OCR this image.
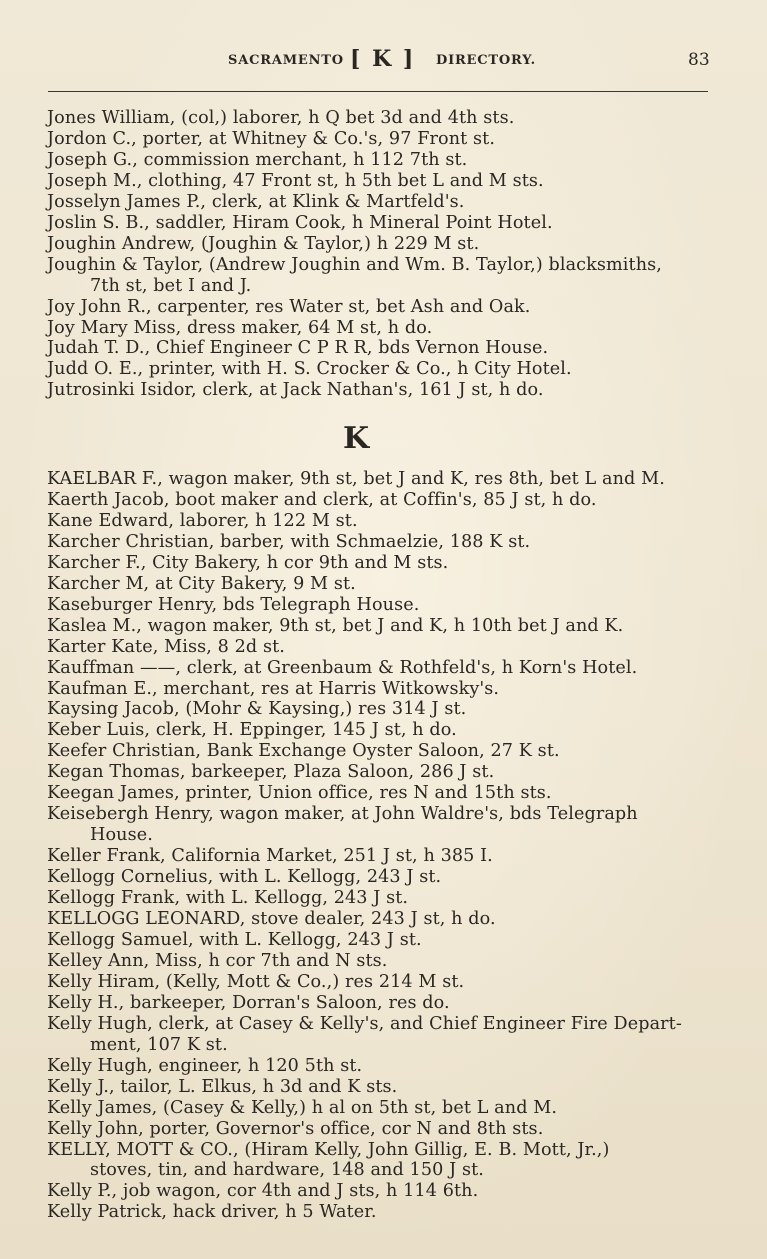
SACRAMENTO [ K ] DIRECTORY.	83
Jones William, (col,) laborer, h Q bet 3d and 4th sts.
Jordon C., porter, at Whitney & Co.'s, 97 Front st.
Joseph G., commission merchant, h 112 7th st.
Joseph M., clothing, 47 Front st, h 5th bet L and M sts.
Josselyn James P., clerk, at Klink & Martfeld's.
Joslin S. B., saddler, Hiram Cook, h Mineral Point Hotel.
Joughin Andrew, (Joughin & Taylor,) h 229 M st.
Joughin & Taylor, (Andrew Joughin and Wm. B. Taylor,) blacksmiths,
7th st, bet I and J.
Joy John R., carpenter, res Water st, bet Ash and Oak.
Joy Mary Miss, dress maker, 64 M st, h do.
Judah T. D., Chief Engineer C P R R, bds Vernon House.
Judd O. E., printer, with H. S. Crocker & Co., h City Hotel.
Jutrosinki Isidor, clerk, at Jack Nathan's, 161 J st, h do.
K
KAELBAR F., wagon maker, 9th st, bet J and K, res 8th, bet L and M.
Kaerth Jacob, boot maker and clerk, at Coffin's, 85 J st, h do.
Kane Edward, laborer, h 122 M st.
Karcher Christian, barber, with Schmaelzie, 188 K st.
Karcher F., City Bakery, h cor 9th and M sts.
Karcher M, at City Bakery, 9 M st.
Kaseburger Henry, bds Telegraph House.
Kaslea M., wagon maker, 9th st, bet J and K, h 10th bet J and K.
Karter Kate, Miss, 8 2d st.
Kauffman ——, clerk, at Greenbaum & Rothfeld's, h Korn's Hotel.
Kaufman E., merchant, res at Harris Witkowsky's.
Kaysing Jacob, (Mohr & Kaysing,) res 314 J st.
Keber Luis, clerk, H. Eppinger, 145 J st, h do.
Keefer Christian, Bank Exchange Oyster Saloon, 27 K st.
Kegan Thomas, barkeeper, Plaza Saloon, 286 J st.
Keegan James, printer, Union office, res N and 15th sts.
Keisebergh Henry, wagon maker, at John Waldre's, bds Telegraph
House.
Keller Frank, California Market, 251 J st, h 385 I.
Kellogg Cornelius, with L. Kellogg, 243 J st.
Kellogg Frank, with L. Kellogg, 243 J st.
KELLOGG LEONARD, stove dealer, 243 J st, h do.
Kellogg Samuel, with L. Kellogg, 243 J st.
Kelley Ann, Miss, h cor 7th and N sts.
Kelly Hiram, (Kelly, Mott & Co.,) res 214 M st.
Kelly H., barkeeper, Dorran's Saloon, res do.
Kelly Hugh, clerk, at Casey & Kelly's, and Chief Engineer Fire Depart-
ment, 107 K st.
Kelly Hugh, engineer, h 120 5th st.
Kelly J., tailor, L. Elkus, h 3d and K sts.
Kelly James, (Casey & Kelly,) h al on 5th st, bet L and M.
Kelly John, porter, Governor's office, cor N and 8th sts.
KELLY, MOTT & CO., (Hiram Kelly, John Gillig, E. B. Mott, Jr.,)
stoves, tin, and hardware, 148 and 150 J st.
Kelly P., job wagon, cor 4th and J sts, h 114 6th.
Kelly Patrick, hack driver, h 5 Water.
